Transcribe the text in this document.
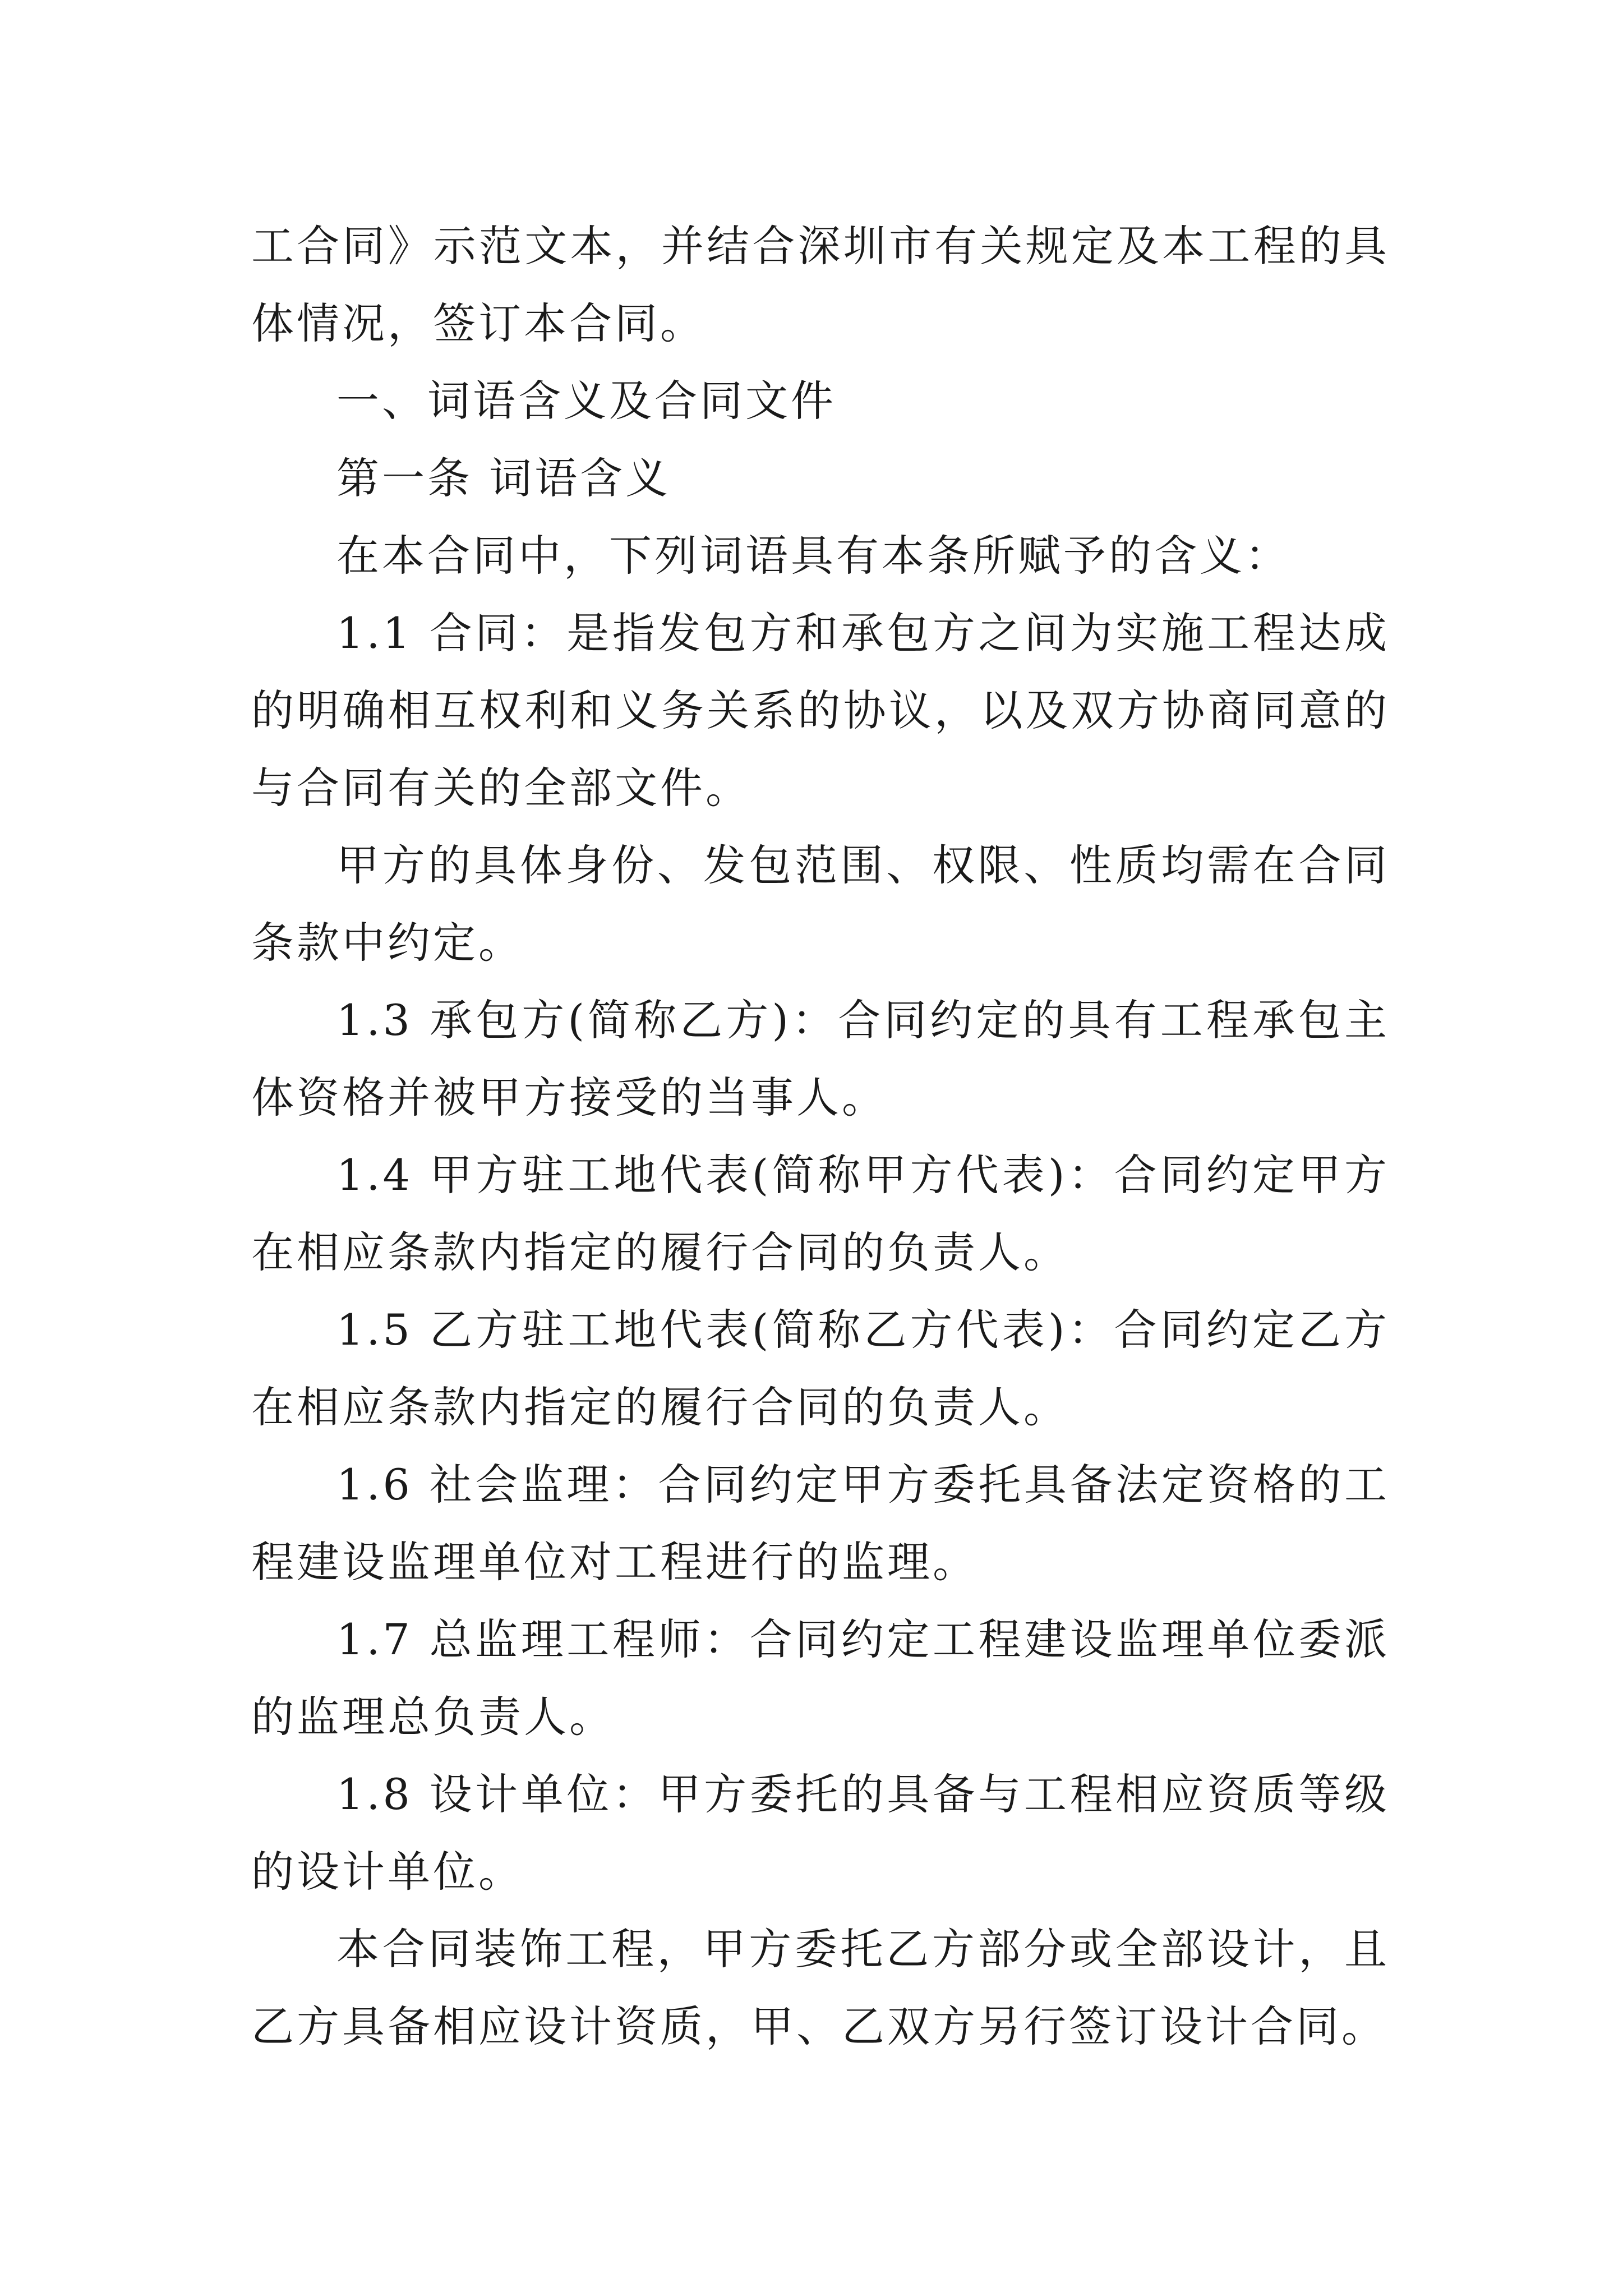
工合同》示范文本，并结合深圳市有关规定及本工程的具体情况，签订本合同。

一、词语含义及合同文件

第一条 词语含义

在本合同中，下列词语具有本条所赋予的含义：

1.1 合同：是指发包方和承包方之间为实施工程达成的明确相互权利和义务关系的协议，以及双方协商同意的与合同有关的全部文件。

甲方的具体身份、发包范围、权限、性质均需在合同条款中约定。

1.3 承包方(简称乙方)：合同约定的具有工程承包主体资格并被甲方接受的当事人。

1.4 甲方驻工地代表(简称甲方代表)：合同约定甲方在相应条款内指定的履行合同的负责人。

1.5 乙方驻工地代表(简称乙方代表)：合同约定乙方在相应条款内指定的履行合同的负责人。

1.6 社会监理：合同约定甲方委托具备法定资格的工程建设监理单位对工程进行的监理。

1.7 总监理工程师：合同约定工程建设监理单位委派的监理总负责人。

1.8 设计单位：甲方委托的具备与工程相应资质等级的设计单位。

本合同装饰工程，甲方委托乙方部分或全部设计，且乙方具备相应设计资质，甲、乙双方另行签订设计合同。
